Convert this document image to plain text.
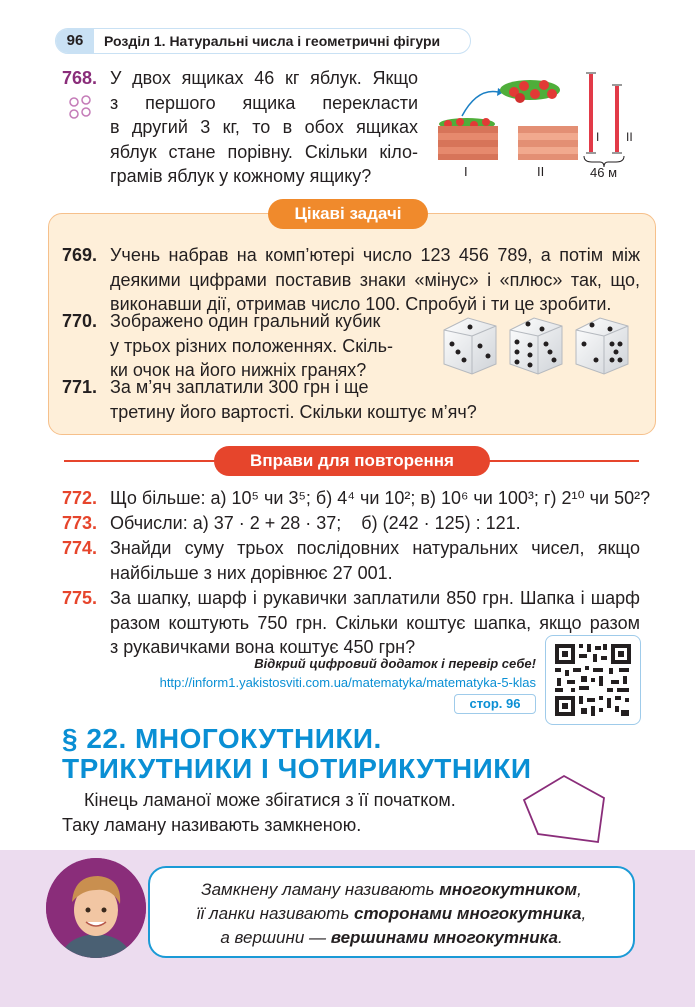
96	Розділ 1. Натуральні числа і геометричні фігури
768. У двох ящиках 46 кг яблук. Якщо
з першого ящика перекласти
в другий 3 кг, то в обох ящиках
яблук стане порівну. Скільки кіло-
грамів яблук у кожному ящику?	I	II
I II
46 м
Цікаві задачі
769. Учень набрав на комп’ютері число 123 456 789, а потім між
деякими цифрами поставив знаки «мінус» і «плюс» так, що,
виконавши дії, отримав число 100. Спробуй і ти це зробити.
770. Зображено один гральний кубик
у трьох різних положеннях. Скіль-
ки очок на його нижніх гранях?
771. За м’яч заплатили 300 грн і ще
третину його вартості. Скільки коштує м’яч?
Вправи для повторення
772. Що більше: а) 10⁵ чи 3⁵; б) 4⁴ чи 10²; в) 10⁶ чи 100³; г) 2¹⁰ чи 50²?
773. Обчисли: а) 37 · 2 + 28 · 37;    б) (242 · 125) : 121.
774. Знайди суму трьох послідовних натуральних чисел, якщо
найбільше з них дорівнює 27 001.
775. За шапку, шарф і рукавички заплатили 850 грн. Шапка і шарф
разом коштують 750 грн. Скільки коштує шапка, якщо разом
з рукавичками вона коштує 450 грн?
Відкрий цифровий додаток і перевір себе!
http://inform1.yakistosviti.com.ua/matematyka/matematyka-5-klas
стор. 96
§ 22. МНОГОКУТНИКИ.
ТРИКУТНИКИ І ЧОТИРИКУТНИКИ
Кінець ламаної може збігатися з її початком.
Таку ламану називають замкненою.
Замкнену ламану називають многокутником,
її ланки називають сторонами многокутника,
а вершини — вершинами многокутника.
